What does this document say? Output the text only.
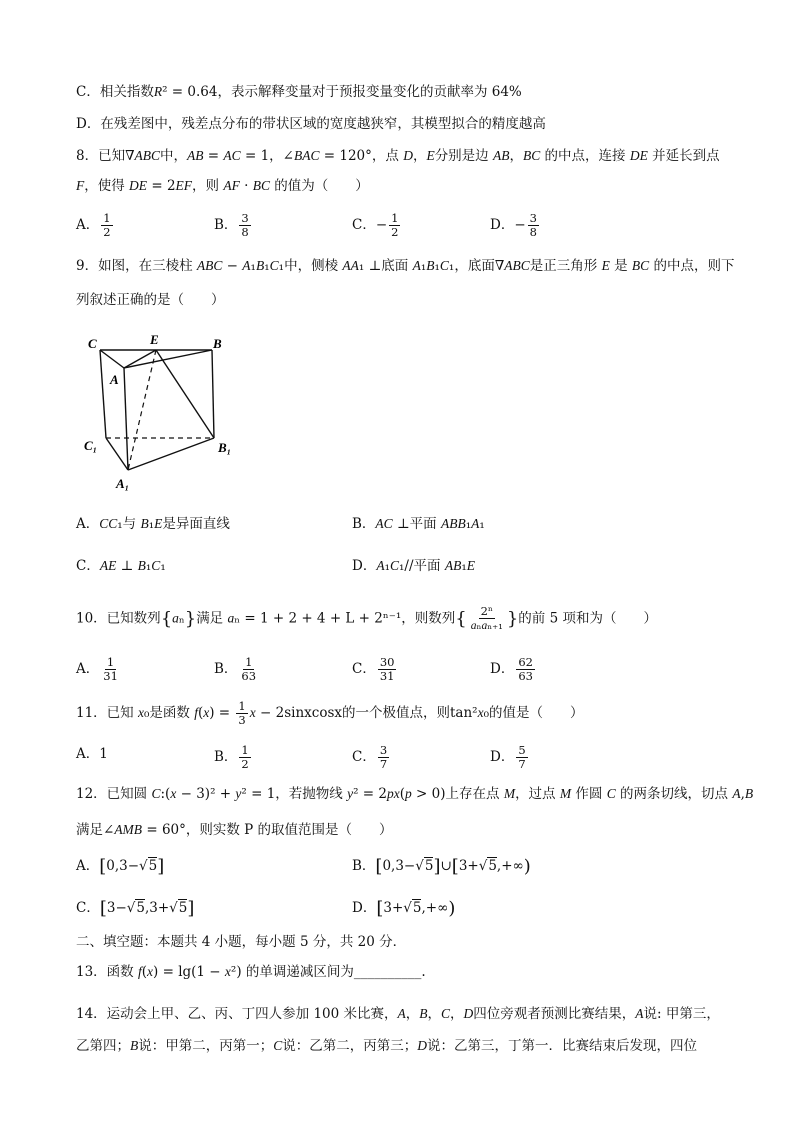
C．相关指数R² = 0.64，表示解释变量对于预报变量变化的贡献率为 64%
D．在残差图中，残差点分布的带状区域的宽度越狭窄，其模型拟合的精度越高
8．已知∇ABC中，AB = AC = 1，∠BAC = 120°，点 D，E分别是边 AB，BC 的中点，连接 DE 并延长到点
F，使得 DE = 2EF，则 AF · BC 的值为（　　）
A． $\frac{1}{2}$	B． $\frac{3}{8}$	C．− $\frac{1}{2}$	D．− $\frac{3}{8}$
9．如图，在三棱柱 ABC − A₁B₁C₁中，侧棱 AA₁ ⊥底面 A₁B₁C₁，底面∇ABC是正三角形 E 是 BC 的中点，则下
列叙述正确的是（　　）
C	E	B
A
C₁	B₁
A₁
A．CC₁与 B₁E是异面直线	B．AC ⊥平面 ABB₁A₁
C．AE ⊥ B₁C₁	D．A₁C₁//平面 AB₁E
10．已知数列{aₙ}满足 aₙ = 1 + 2 + 4 + L + 2ⁿ⁻¹，则数列{ $\frac{\text{2ⁿ}}{\text{aₙaₙ₊₁}}$ }的前 5 项和为（　　）
A． $\frac{1}{31}$	B． $\frac{1}{63}$	C． $\frac{30}{31}$	D． $\frac{62}{63}$
11．已知 x₀是函数 $f(x) = \frac{1}{3}$ x − 2sinxcosx的一个极值点，则tan²x₀的值是（　　）
A．1	B． $\frac{1}{2}$	C． $\frac{3}{7}$	D． $\frac{5}{7}$
12．已知圆 C:(x − 3)² + y² = 1，若抛物线 y² = 2px(p > 0)上存在点 M，过点 M 作圆 C 的两条切线，切点 A,B
满足∠AMB = 60°，则实数 P 的取值范围是（　　）
A．[0,3−√5]	B．[0,3−√5]∪[3+√5,+∞)
C．[3−√5,3+√5]	D．[3+√5,+∞)
二、填空题：本题共 4 小题，每小题 5 分，共 20 分．
13．函数 f(x) = lg(1 − x²) 的单调递减区间为__________.
14．运动会上甲、乙、丙、丁四人参加 100 米比赛，A，B，C，D四位旁观者预测比赛结果，A说: 甲第三，
乙第四；B说：甲第二，丙第一；C说：乙第二，丙第三；D说：乙第三，丁第一．比赛结束后发现，四位
